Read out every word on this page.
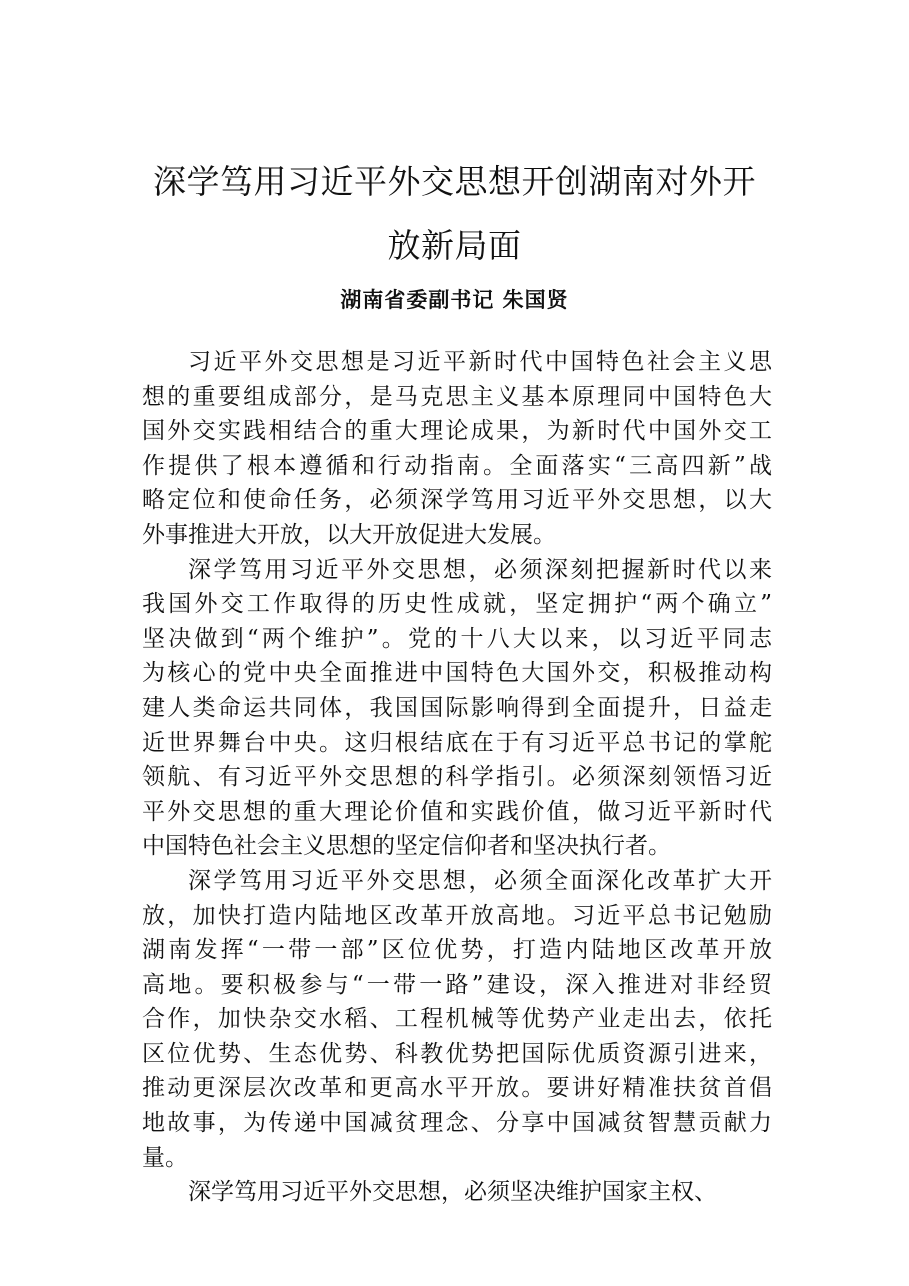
深学笃用习近平外交思想开创湖南对外开
放新局面
湖南省委副书记 朱国贤
习近平外交思想是习近平新时代中国特色社会主义思
想的重要组成部分，是马克思主义基本原理同中国特色大
国外交实践相结合的重大理论成果，为新时代中国外交工
作提供了根本遵循和行动指南。全面落实“三高四新”战
略定位和使命任务，必须深学笃用习近平外交思想，以大
外事推进大开放，以大开放促进大发展。
深学笃用习近平外交思想，必须深刻把握新时代以来
我国外交工作取得的历史性成就，坚定拥护“两个确立”
坚决做到“两个维护”。党的十八大以来，以习近平同志
为核心的党中央全面推进中国特色大国外交，积极推动构
建人类命运共同体，我国国际影响得到全面提升，日益走
近世界舞台中央。这归根结底在于有习近平总书记的掌舵
领航、有习近平外交思想的科学指引。必须深刻领悟习近
平外交思想的重大理论价值和实践价值，做习近平新时代
中国特色社会主义思想的坚定信仰者和坚决执行者。
深学笃用习近平外交思想，必须全面深化改革扩大开
放，加快打造内陆地区改革开放高地。习近平总书记勉励
湖南发挥“一带一部”区位优势，打造内陆地区改革开放
高地。要积极参与“一带一路”建设，深入推进对非经贸
合作，加快杂交水稻、工程机械等优势产业走出去，依托
区位优势、生态优势、科教优势把国际优质资源引进来，
推动更深层次改革和更高水平开放。要讲好精准扶贫首倡
地故事，为传递中国减贫理念、分享中国减贫智慧贡献力
量。
深学笃用习近平外交思想，必须坚决维护国家主权、
